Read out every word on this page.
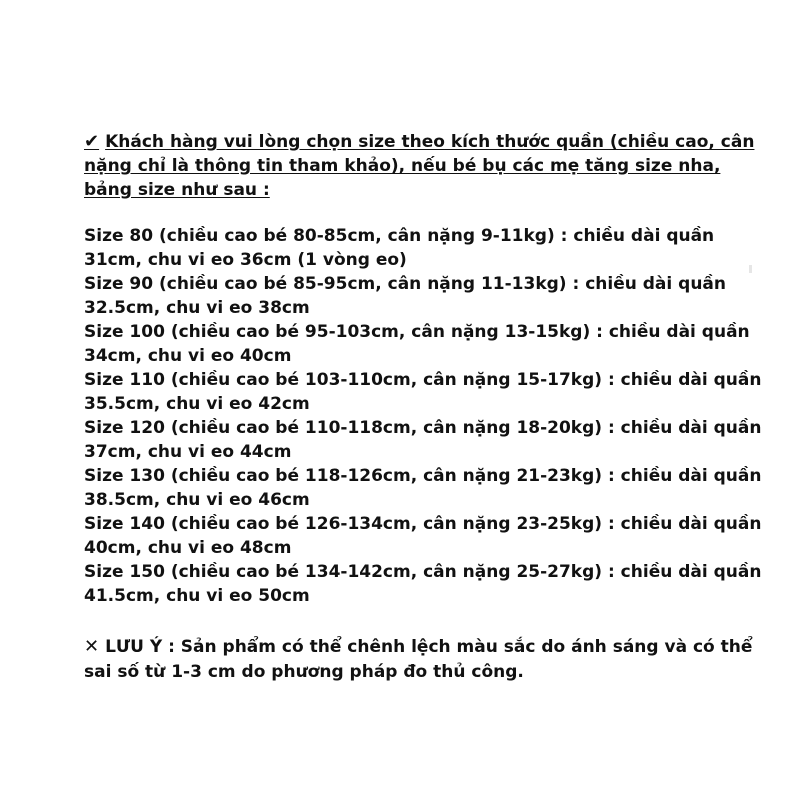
✔ Khách hàng vui lòng chọn size theo kích thước quần (chiều cao, cân nặng chỉ là thông tin tham khảo), nếu bé bụ các mẹ tăng size nha, bảng size như sau :

Size 80 (chiều cao bé 80-85cm, cân nặng 9-11kg) : chiều dài quần 31cm, chu vi eo 36cm (1 vòng eo)
Size 90 (chiều cao bé 85-95cm, cân nặng 11-13kg) : chiều dài quần 32.5cm, chu vi eo 38cm
Size 100 (chiều cao bé 95-103cm, cân nặng 13-15kg) : chiều dài quần 34cm, chu vi eo 40cm
Size 110 (chiều cao bé 103-110cm, cân nặng 15-17kg) : chiều dài quần 35.5cm, chu vi eo 42cm
Size 120 (chiều cao bé 110-118cm, cân nặng 18-20kg) : chiều dài quần 37cm, chu vi eo 44cm
Size 130 (chiều cao bé 118-126cm, cân nặng 21-23kg) : chiều dài quần 38.5cm, chu vi eo 46cm
Size 140 (chiều cao bé 126-134cm, cân nặng 23-25kg) : chiều dài quần 40cm, chu vi eo 48cm
Size 150 (chiều cao bé 134-142cm, cân nặng 25-27kg) : chiều dài quần 41.5cm, chu vi eo 50cm

✕ LƯU Ý : Sản phẩm có thể chênh lệch màu sắc do ánh sáng và có thể sai số từ 1-3 cm do phương pháp đo thủ công.
